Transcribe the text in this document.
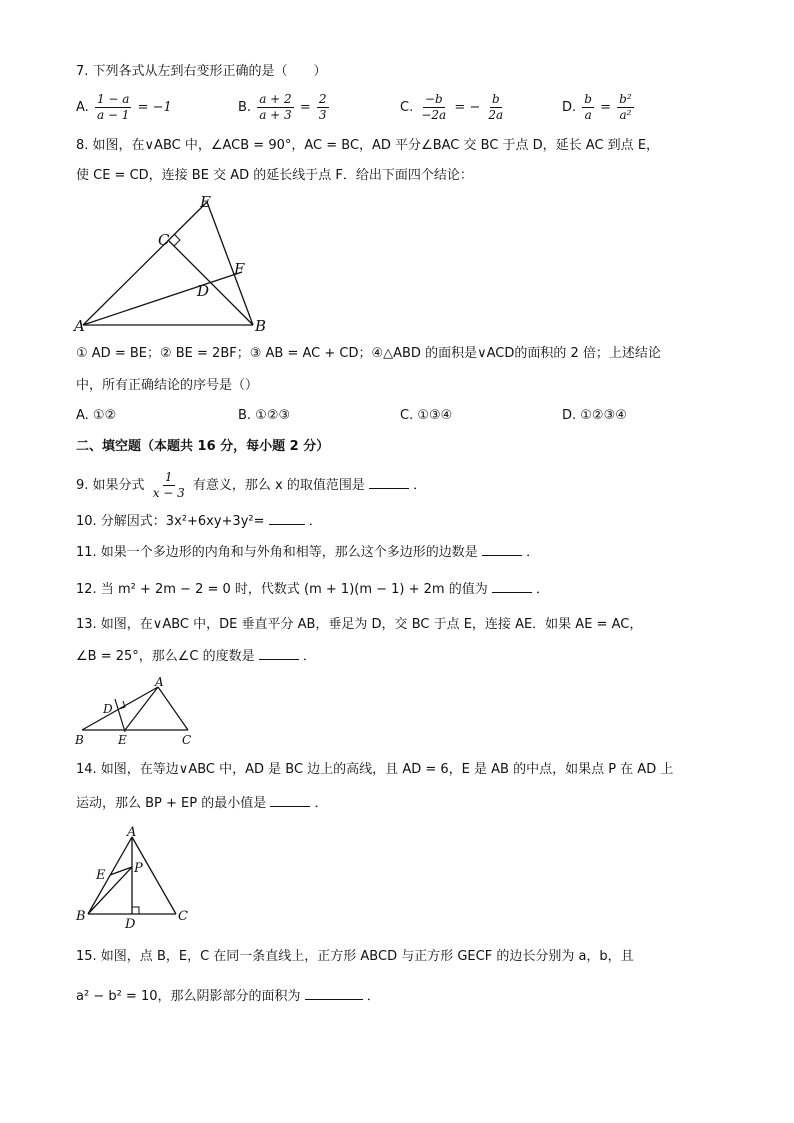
7. 下列各式从左到右变形正确的是（　　）
A. $\frac{1 - a}{a - 1} = -1$	B. $\frac{a + 2}{a + 3} = \frac{2}{3}$	C. $\frac{-b}{-2a}$ = − $\frac{b}{2a}$	D. $\frac{b}{a} = \frac{\text{b²}}{\text{a²}}$
8. 如图，在∨ABC 中，∠ACB = 90°，AC = BC，AD 平分∠BAC 交 BC 于点 D，延长 AC 到点 E，
使 CE = CD，连接 BE 交 AD 的延长线于点 F．给出下面四个结论：
E
C
F
D
A	B
① AD = BE；② BE = 2BF；③ AB = AC + CD；④△ABD 的面积是∨ACD的面积的 2 倍；上述结论
中，所有正确结论的序号是（）
A. ①②	B. ①②③	C. ①③④	D. ①②③④
二、填空题（本题共 16 分，每小题 2 分）
9. 如果分式 $\frac{1}{x - 3}$ 有意义，那么 x 的取值范围是	．
10. 分解因式：3x²+6xy+3y²=	．
11. 如果一个多边形的内角和与外角和相等，那么这个多边形的边数是	．
12. 当 m² + 2m − 2 = 0 时，代数式 (m + 1)(m − 1) + 2m 的值为	．
13. 如图，在∨ABC 中，DE 垂直平分 AB，垂足为 D，交 BC 于点 E，连接 AE．如果 AE = AC，
∠B = 25°，那么∠C 的度数是	．
A
D
B	E	C
14. 如图，在等边∨ABC 中，AD 是 BC 边上的高线，且 AD = 6，E 是 AB 的中点，如果点 P 在 AD 上
运动，那么 BP + EP 的最小值是	．
A
E P
B
D
C
15. 如图，点 B，E，C 在同一条直线上，正方形 ABCD 与正方形 GECF 的边长分别为 a，b，且
a² − b² = 10，那么阴影部分的面积为	．
